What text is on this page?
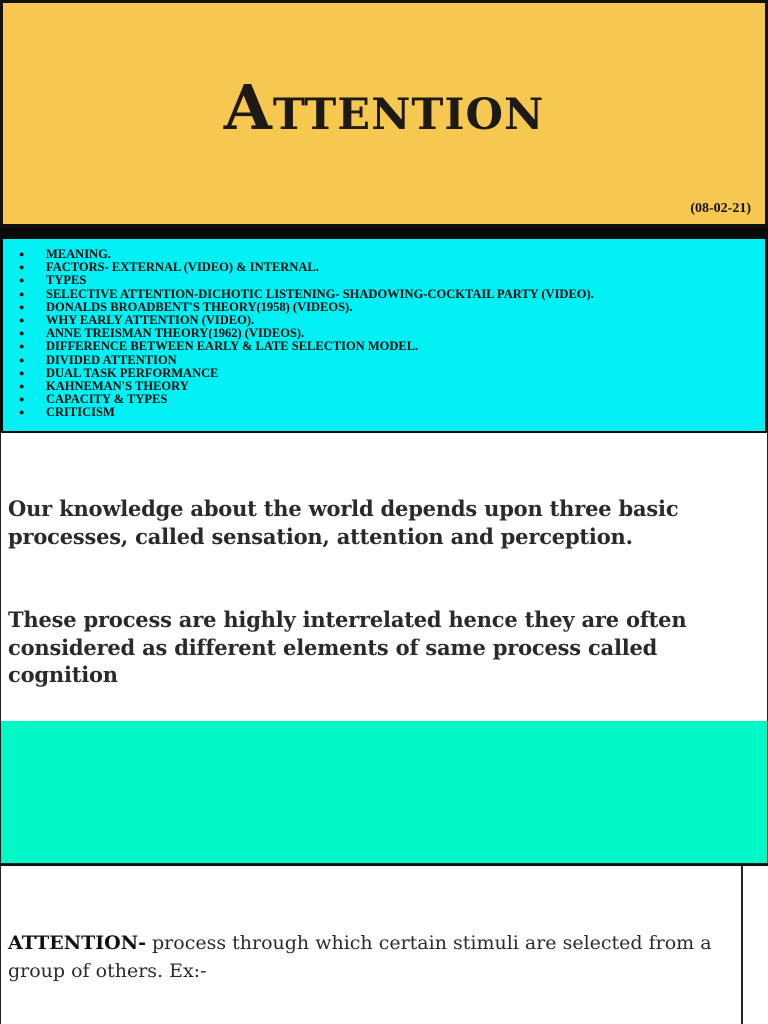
Attention
(08-02-21)
● MEANING.
● FACTORS- EXTERNAL (VIDEO) & INTERNAL.
● TYPES
● SELECTIVE ATTENTION-DICHOTIC LISTENING- SHADOWING-COCKTAIL PARTY (VIDEO).
● DONALDS BROADBENT'S THEORY(1958) (VIDEOS).
● WHY EARLY ATTENTION (VIDEO).
● ANNE TREISMAN THEORY(1962) (VIDEOS).
● DIFFERENCE BETWEEN EARLY & LATE SELECTION MODEL.
● DIVIDED ATTENTION
● DUAL TASK PERFORMANCE
● KAHNEMAN'S THEORY
● CAPACITY & TYPES
● CRITICISM

Our knowledge about the world depends upon three basic processes, called sensation, attention and perception.

These process are highly interrelated hence they are often considered as different elements of same process called cognition

ATTENTION- process through which certain stimuli are selected from a group of others. Ex:-
